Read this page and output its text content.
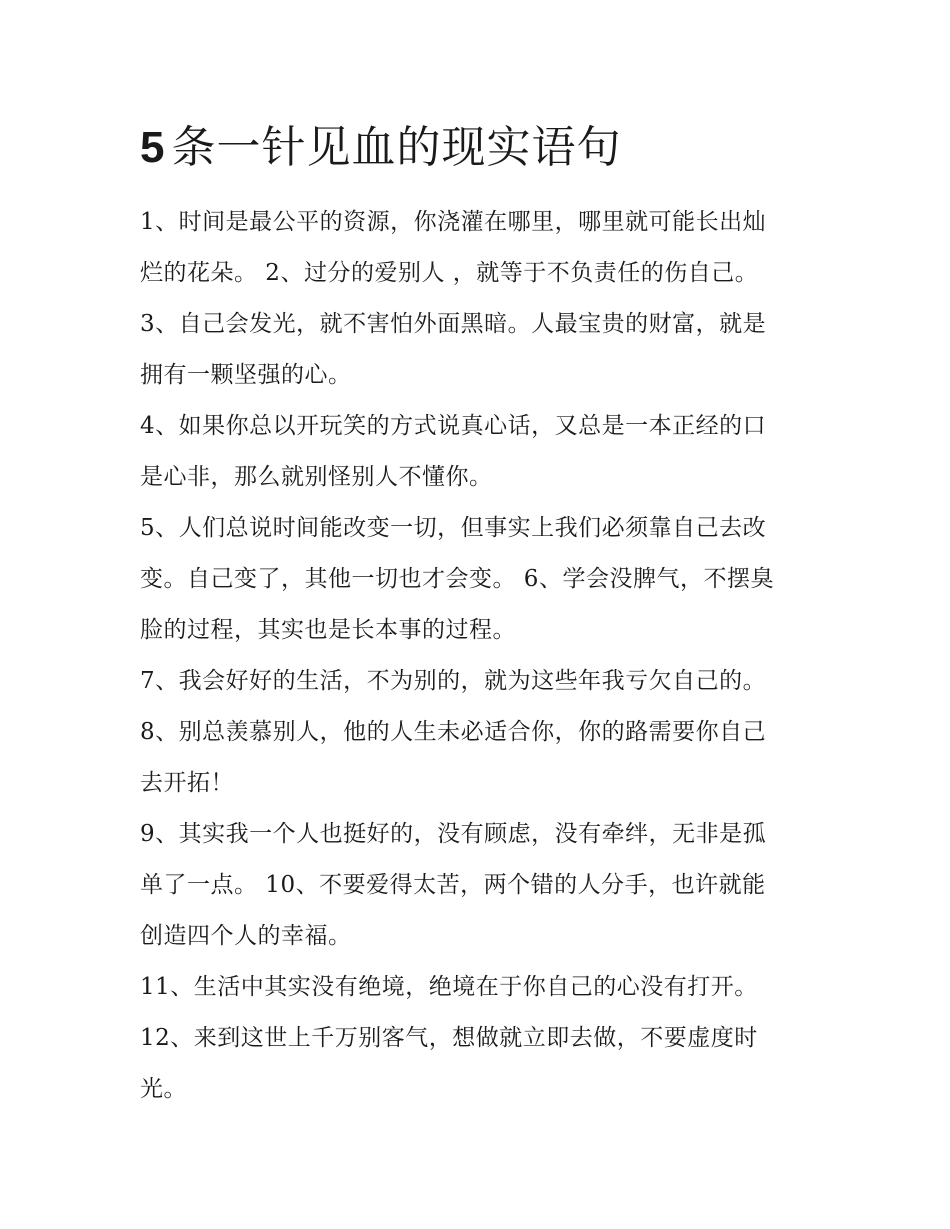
5 条一针见血的现实语句
1、时间是最公平的资源，你浇灌在哪里，哪里就可能长出灿
烂的花朵。 2、过分的爱别人 ，就等于不负责任的伤自己。
3、自己会发光，就不害怕外面黑暗。人最宝贵的财富，就是
拥有一颗坚强的心。
4、如果你总以开玩笑的方式说真心话，又总是一本正经的口
是心非，那么就别怪别人不懂你。
5、人们总说时间能改变一切，但事实上我们必须靠自己去改
变。自己变了，其他一切也才会变。 6、学会没脾气，不摆臭
脸的过程，其实也是长本事的过程。
7、我会好好的生活，不为别的，就为这些年我亏欠自己的。
8、别总羡慕别人，他的人生未必适合你，你的路需要你自己
去开拓！
9、其实我一个人也挺好的，没有顾虑，没有牵绊，无非是孤
单了一点。 10、不要爱得太苦，两个错的人分手，也许就能
创造四个人的幸福。
11、生活中其实没有绝境，绝境在于你自己的心没有打开。
12、来到这世上千万别客气，想做就立即去做，不要虚度时
光。
